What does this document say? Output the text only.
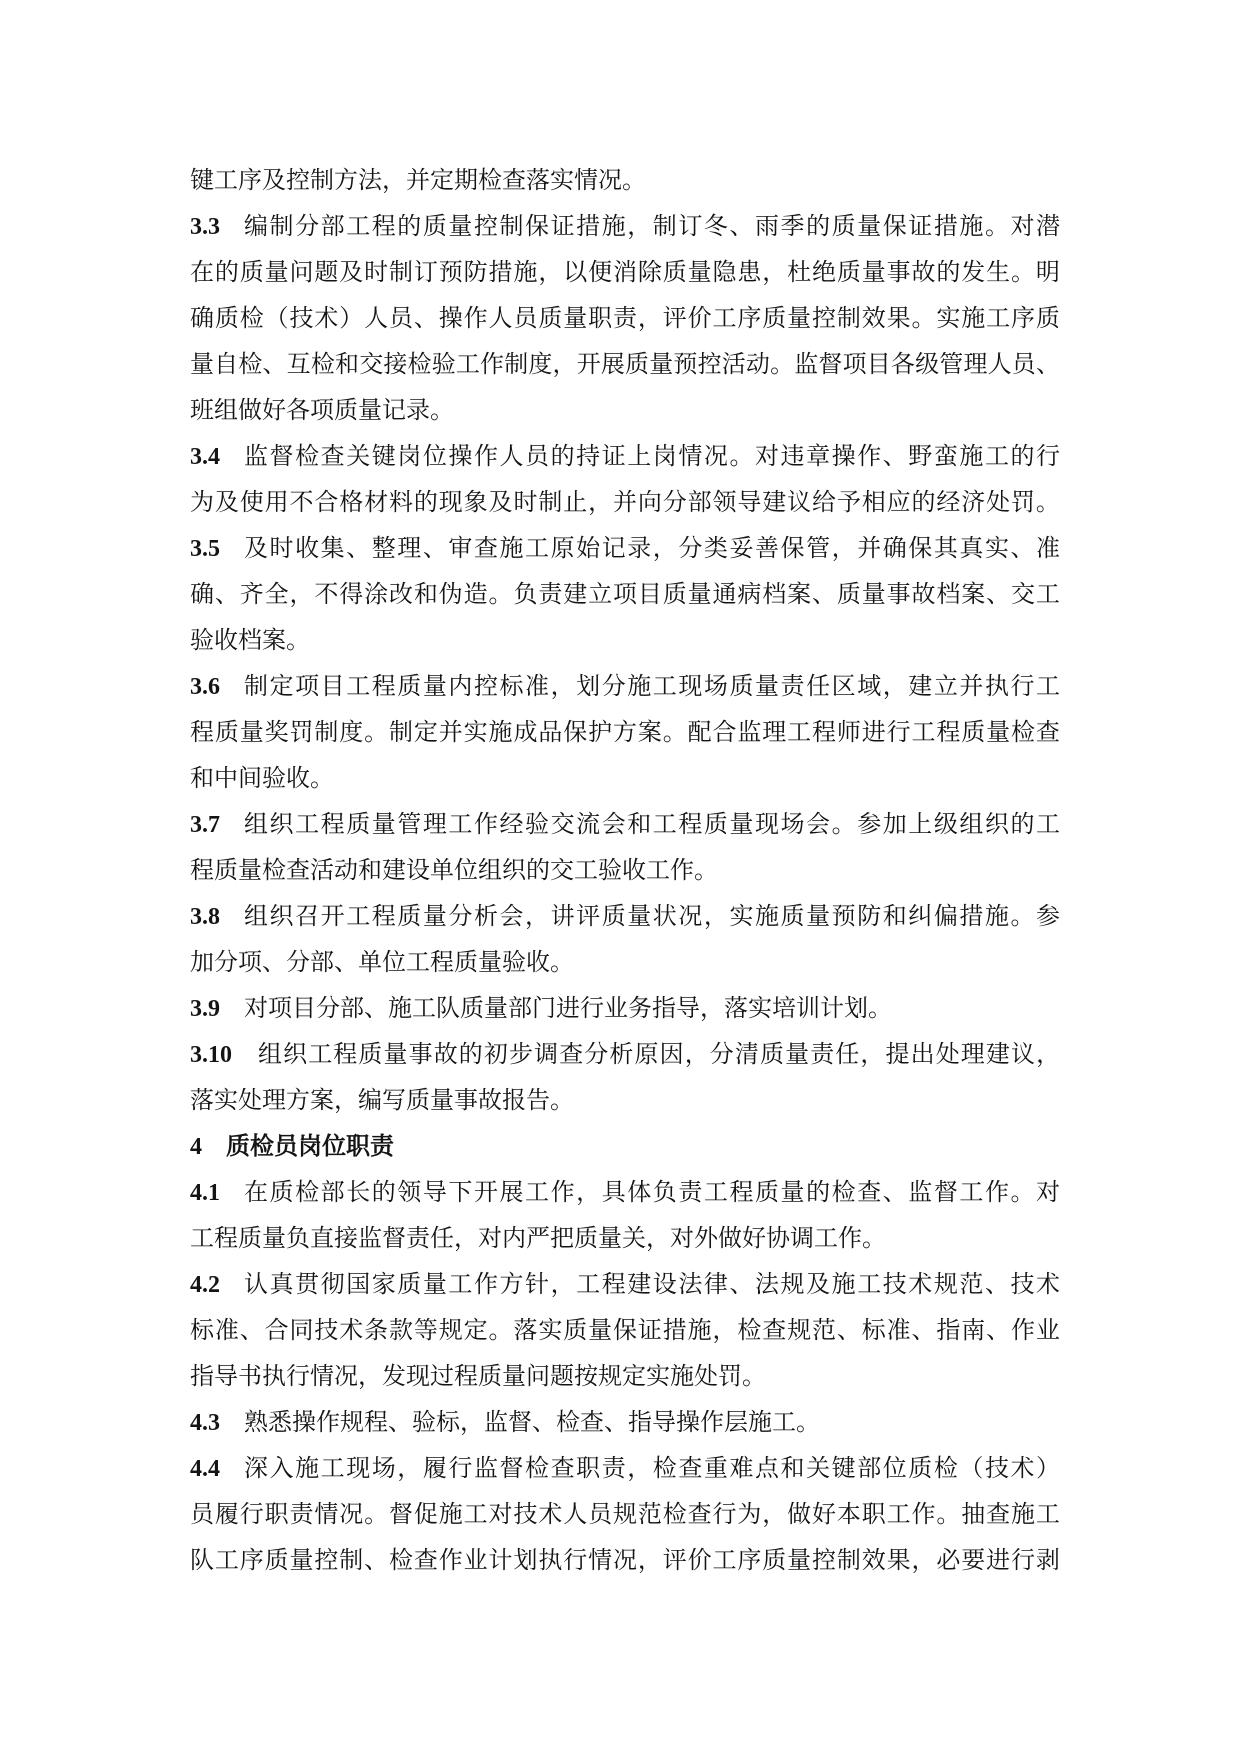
键工序及控制方法，并定期检查落实情况。
3.3 编制分部工程的质量控制保证措施，制订冬、雨季的质量保证措施。对潜
在的质量问题及时制订预防措施，以便消除质量隐患，杜绝质量事故的发生。明
确质检（技术）人员、操作人员质量职责，评价工序质量控制效果。实施工序质
量自检、互检和交接检验工作制度，开展质量预控活动。监督项目各级管理人员、
班组做好各项质量记录。
3.4 监督检查关键岗位操作人员的持证上岗情况。对违章操作、野蛮施工的行
为及使用不合格材料的现象及时制止，并向分部领导建议给予相应的经济处罚。
3.5 及时收集、整理、审查施工原始记录，分类妥善保管，并确保其真实、准
确、齐全，不得涂改和伪造。负责建立项目质量通病档案、质量事故档案、交工
验收档案。
3.6 制定项目工程质量内控标准，划分施工现场质量责任区域，建立并执行工
程质量奖罚制度。制定并实施成品保护方案。配合监理工程师进行工程质量检查
和中间验收。
3.7 组织工程质量管理工作经验交流会和工程质量现场会。参加上级组织的工
程质量检查活动和建设单位组织的交工验收工作。
3.8 组织召开工程质量分析会，讲评质量状况，实施质量预防和纠偏措施。参
加分项、分部、单位工程质量验收。
3.9 对项目分部、施工队质量部门进行业务指导，落实培训计划。
3.10 组织工程质量事故的初步调查分析原因，分清质量责任，提出处理建议，
落实处理方案，编写质量事故报告。
4 质检员岗位职责
4.1 在质检部长的领导下开展工作，具体负责工程质量的检查、监督工作。对
工程质量负直接监督责任，对内严把质量关，对外做好协调工作。
4.2 认真贯彻国家质量工作方针，工程建设法律、法规及施工技术规范、技术
标准、合同技术条款等规定。落实质量保证措施，检查规范、标准、指南、作业
指导书执行情况，发现过程质量问题按规定实施处罚。
4.3 熟悉操作规程、验标，监督、检查、指导操作层施工。
4.4 深入施工现场，履行监督检查职责，检查重难点和关键部位质检（技术）
员履行职责情况。督促施工对技术人员规范检查行为，做好本职工作。抽查施工
队工序质量控制、检查作业计划执行情况，评价工序质量控制效果，必要进行剥
